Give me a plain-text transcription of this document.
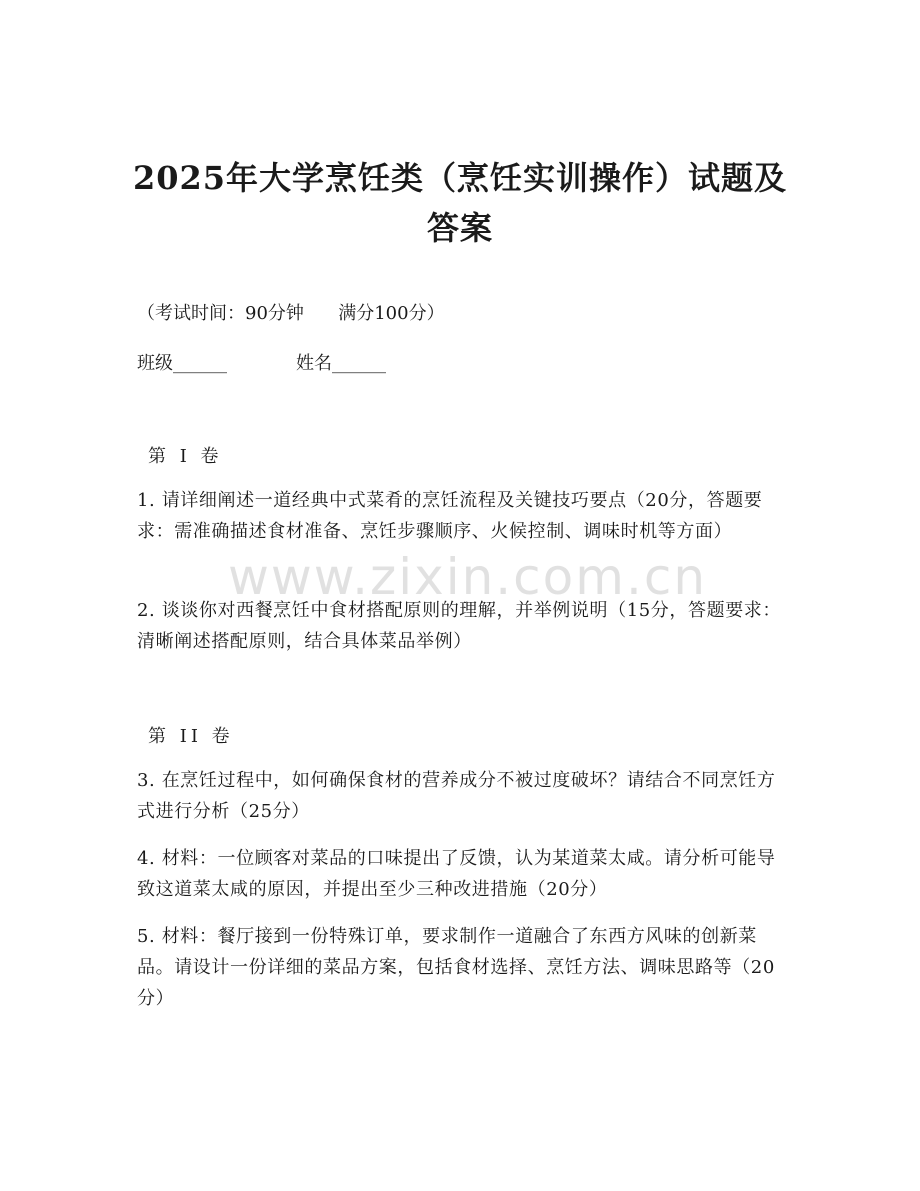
2025年大学烹饪类（烹饪实训操作）试题及
答案
（考试时间：90分钟      满分100分）
班级______	姓名______
第 I 卷
1. 请详细阐述一道经典中式菜肴的烹饪流程及关键技巧要点（20分，答题要求：需准确描述食材准备、烹饪步骤顺序、火候控制、调味时机等方面）
2. 谈谈你对西餐烹饪中食材搭配原则的理解，并举例说明（15分，答题要求：清晰阐述搭配原则，结合具体菜品举例）
第 II 卷
3. 在烹饪过程中，如何确保食材的营养成分不被过度破坏？请结合不同烹饪方式进行分析（25分）
4. 材料：一位顾客对菜品的口味提出了反馈，认为某道菜太咸。请分析可能导致这道菜太咸的原因，并提出至少三种改进措施（20分）
5. 材料：餐厅接到一份特殊订单，要求制作一道融合了东西方风味的创新菜品。请设计一份详细的菜品方案，包括食材选择、烹饪方法、调味思路等（20分）
www.zixin.com.cn
